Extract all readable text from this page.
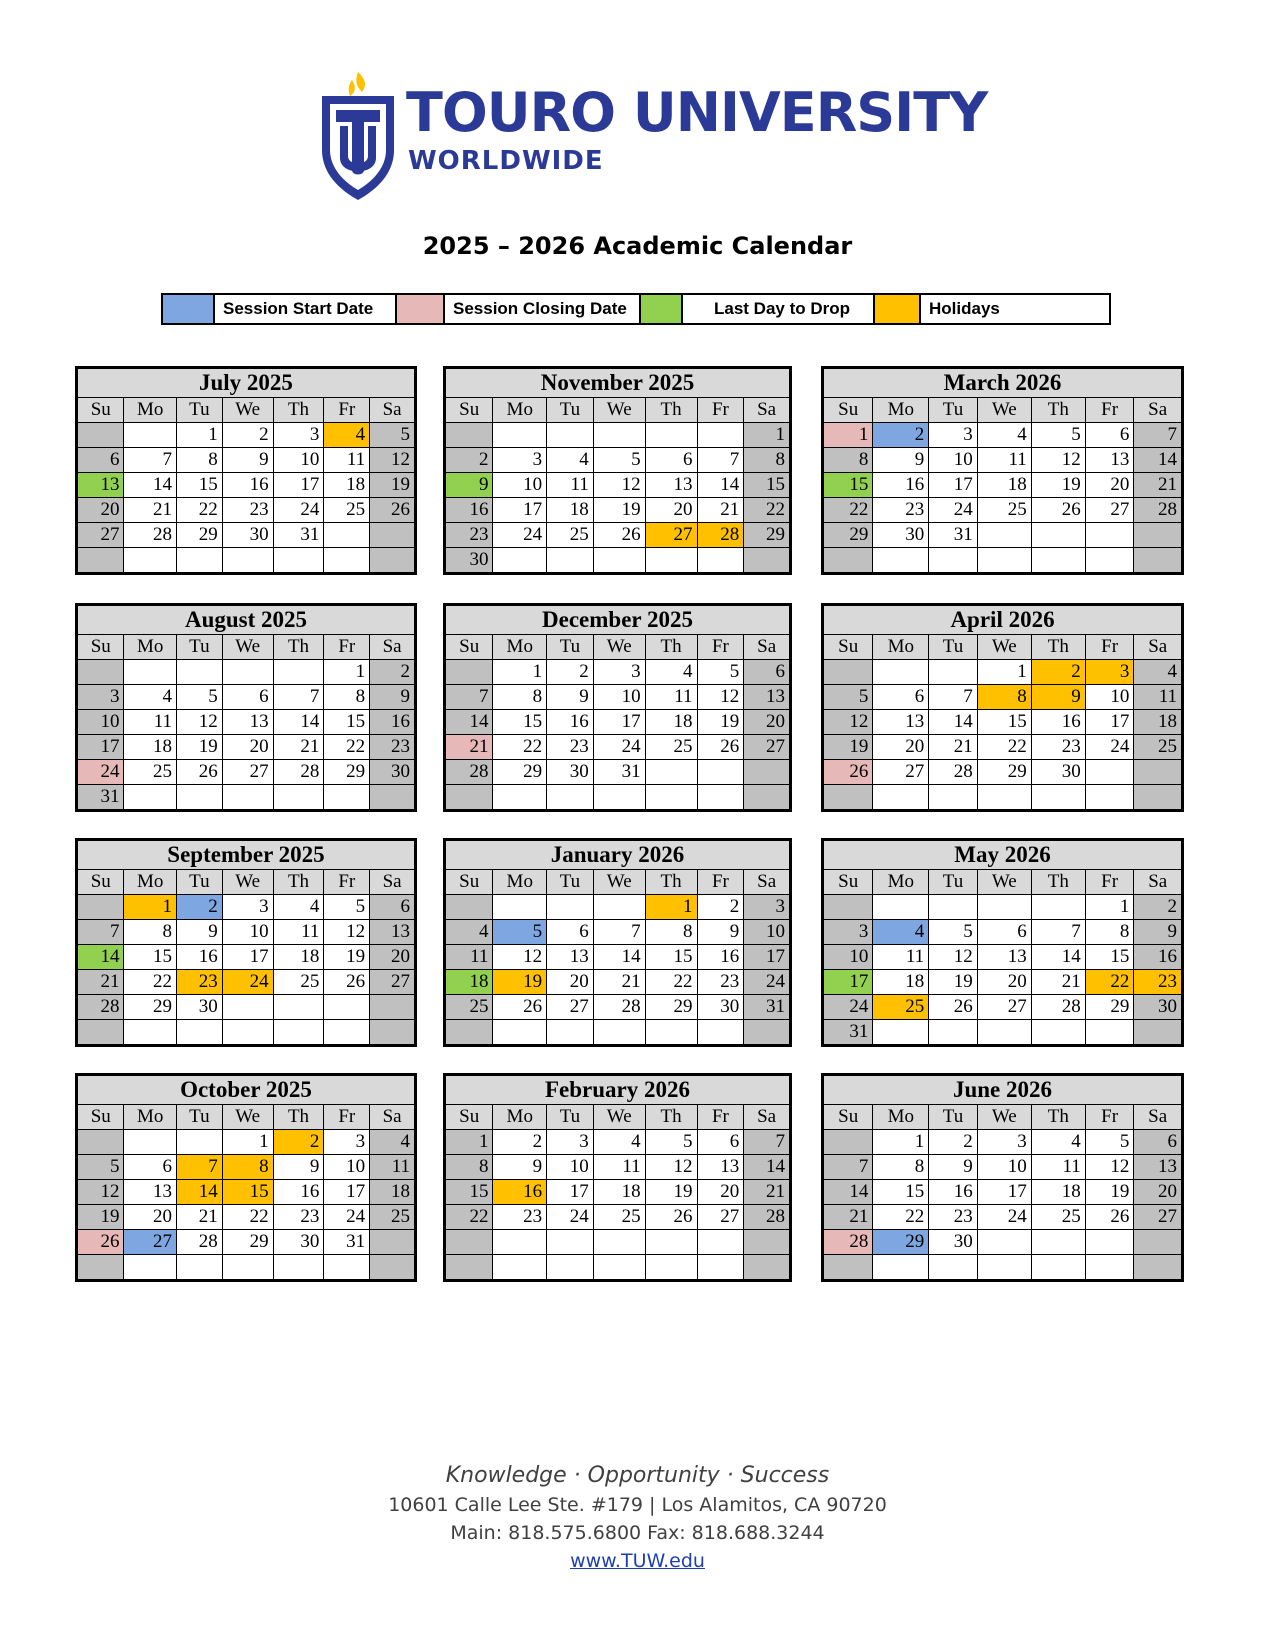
TOURO UNIVERSITY
WORLDWIDE
2025 – 2026 Academic Calendar
Session Start Date	Session Closing Date	Last Day to Drop	Holidays
July 2025						
Su	Mo	Tu	We	Th	Fr	Sa
		1	2	3	4	5
6	7	8	9	10	11	12
13	14	15	16	17	18	19
20	21	22	23	24	25	26
27	28	29	30	31		

August 2025						
Su	Mo	Tu	We	Th	Fr	Sa
					1	2
3	4	5	6	7	8	9
10	11	12	13	14	15	16
17	18	19	20	21	22	23
24	25	26	27	28	29	30
31						
September 2025						
Su	Mo	Tu	We	Th	Fr	Sa
	1	2	3	4	5	6
7	8	9	10	11	12	13
14	15	16	17	18	19	20
21	22	23	24	25	26	27
28	29	30				

October 2025						
Su	Mo	Tu	We	Th	Fr	Sa
			1	2	3	4
5	6	7	8	9	10	11
12	13	14	15	16	17	18
19	20	21	22	23	24	25
26	27	28	29	30	31	

November 2025						
Su	Mo	Tu	We	Th	Fr	Sa
						1
2	3	4	5	6	7	8
9	10	11	12	13	14	15
16	17	18	19	20	21	22
23	24	25	26	27	28	29
30						
December 2025						
Su	Mo	Tu	We	Th	Fr	Sa
	1	2	3	4	5	6
7	8	9	10	11	12	13
14	15	16	17	18	19	20
21	22	23	24	25	26	27
28	29	30	31			

January 2026						
Su	Mo	Tu	We	Th	Fr	Sa
				1	2	3
4	5	6	7	8	9	10
11	12	13	14	15	16	17
18	19	20	21	22	23	24
25	26	27	28	29	30	31

February 2026						
Su	Mo	Tu	We	Th	Fr	Sa
1	2	3	4	5	6	7
8	9	10	11	12	13	14
15	16	17	18	19	20	21
22	23	24	25	26	27	28

March 2026						
Su	Mo	Tu	We	Th	Fr	Sa
1	2	3	4	5	6	7
8	9	10	11	12	13	14
15	16	17	18	19	20	21
22	23	24	25	26	27	28
29	30	31				

April 2026						
Su	Mo	Tu	We	Th	Fr	Sa
			1	2	3	4
5	6	7	8	9	10	11
12	13	14	15	16	17	18
19	20	21	22	23	24	25
26	27	28	29	30		

May 2026						
Su	Mo	Tu	We	Th	Fr	Sa
					1	2
3	4	5	6	7	8	9
10	11	12	13	14	15	16
17	18	19	20	21	22	23
24	25	26	27	28	29	30
31						
June 2026						
Su	Mo	Tu	We	Th	Fr	Sa
	1	2	3	4	5	6
7	8	9	10	11	12	13
14	15	16	17	18	19	20
21	22	23	24	25	26	27
28	29	30				

Knowledge · Opportunity · Success
10601 Calle Lee Ste. #179 | Los Alamitos, CA 90720
Main: 818.575.6800 Fax: 818.688.3244
www.TUW.edu
